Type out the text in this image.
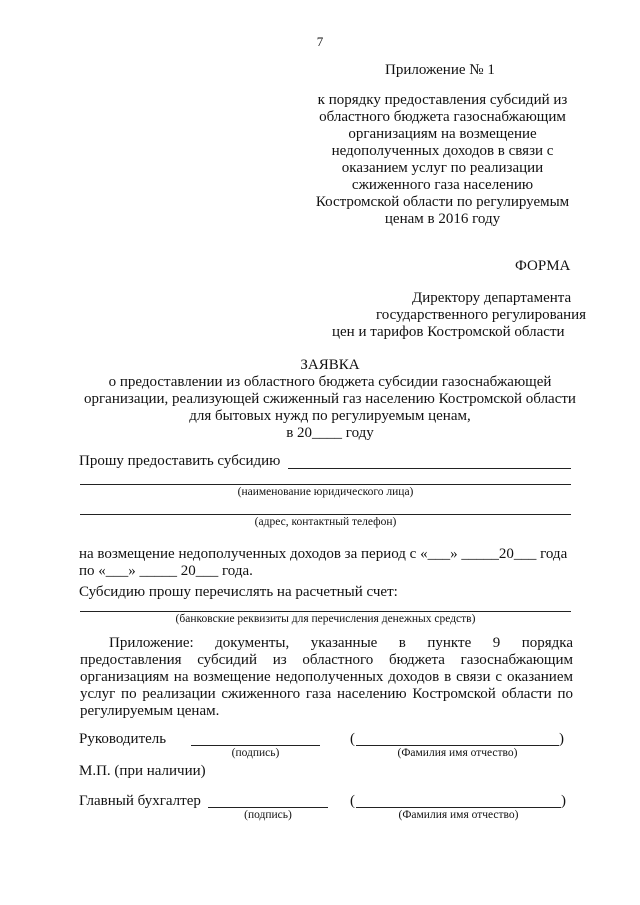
7
Приложение № 1
к порядку предоставления субсидий из
областного бюджета газоснабжающим
организациям на возмещение
недополученных доходов в связи с
оказанием услуг по реализации
сжиженного газа населению
Костромской области по регулируемым
ценам в 2016 году
ФОРМА
Директору департамента
государственного регулирования
цен и тарифов Костромской области
ЗАЯВКА
о предоставлении из областного бюджета субсидии газоснабжающей
организации, реализующей сжиженный газ населению Костромской области
для бытовых нужд по регулируемым ценам,
в 20____ году
Прошу предоставить субсидию
(наименование юридического лица)
(адрес, контактный телефон)
на возмещение недополученных доходов за период с «___» _____20___ года
по «___» _____ 20___ года.
Субсидию прошу перечислять на расчетный счет:
(банковские реквизиты для перечисления денежных средств)
Приложение: документы, указанные в пункте 9 порядка
предоставления субсидий из областного бюджета газоснабжающим
организациям на возмещение недополученных доходов в связи с оказанием
услуг по реализации сжиженного газа населению Костромской области по
регулируемым ценам.
Руководитель
(подпись)
(	)
(Фамилия имя отчество)
М.П. (при наличии)
Главный бухгалтер
(подпись)
(	)
(Фамилия имя отчество)
